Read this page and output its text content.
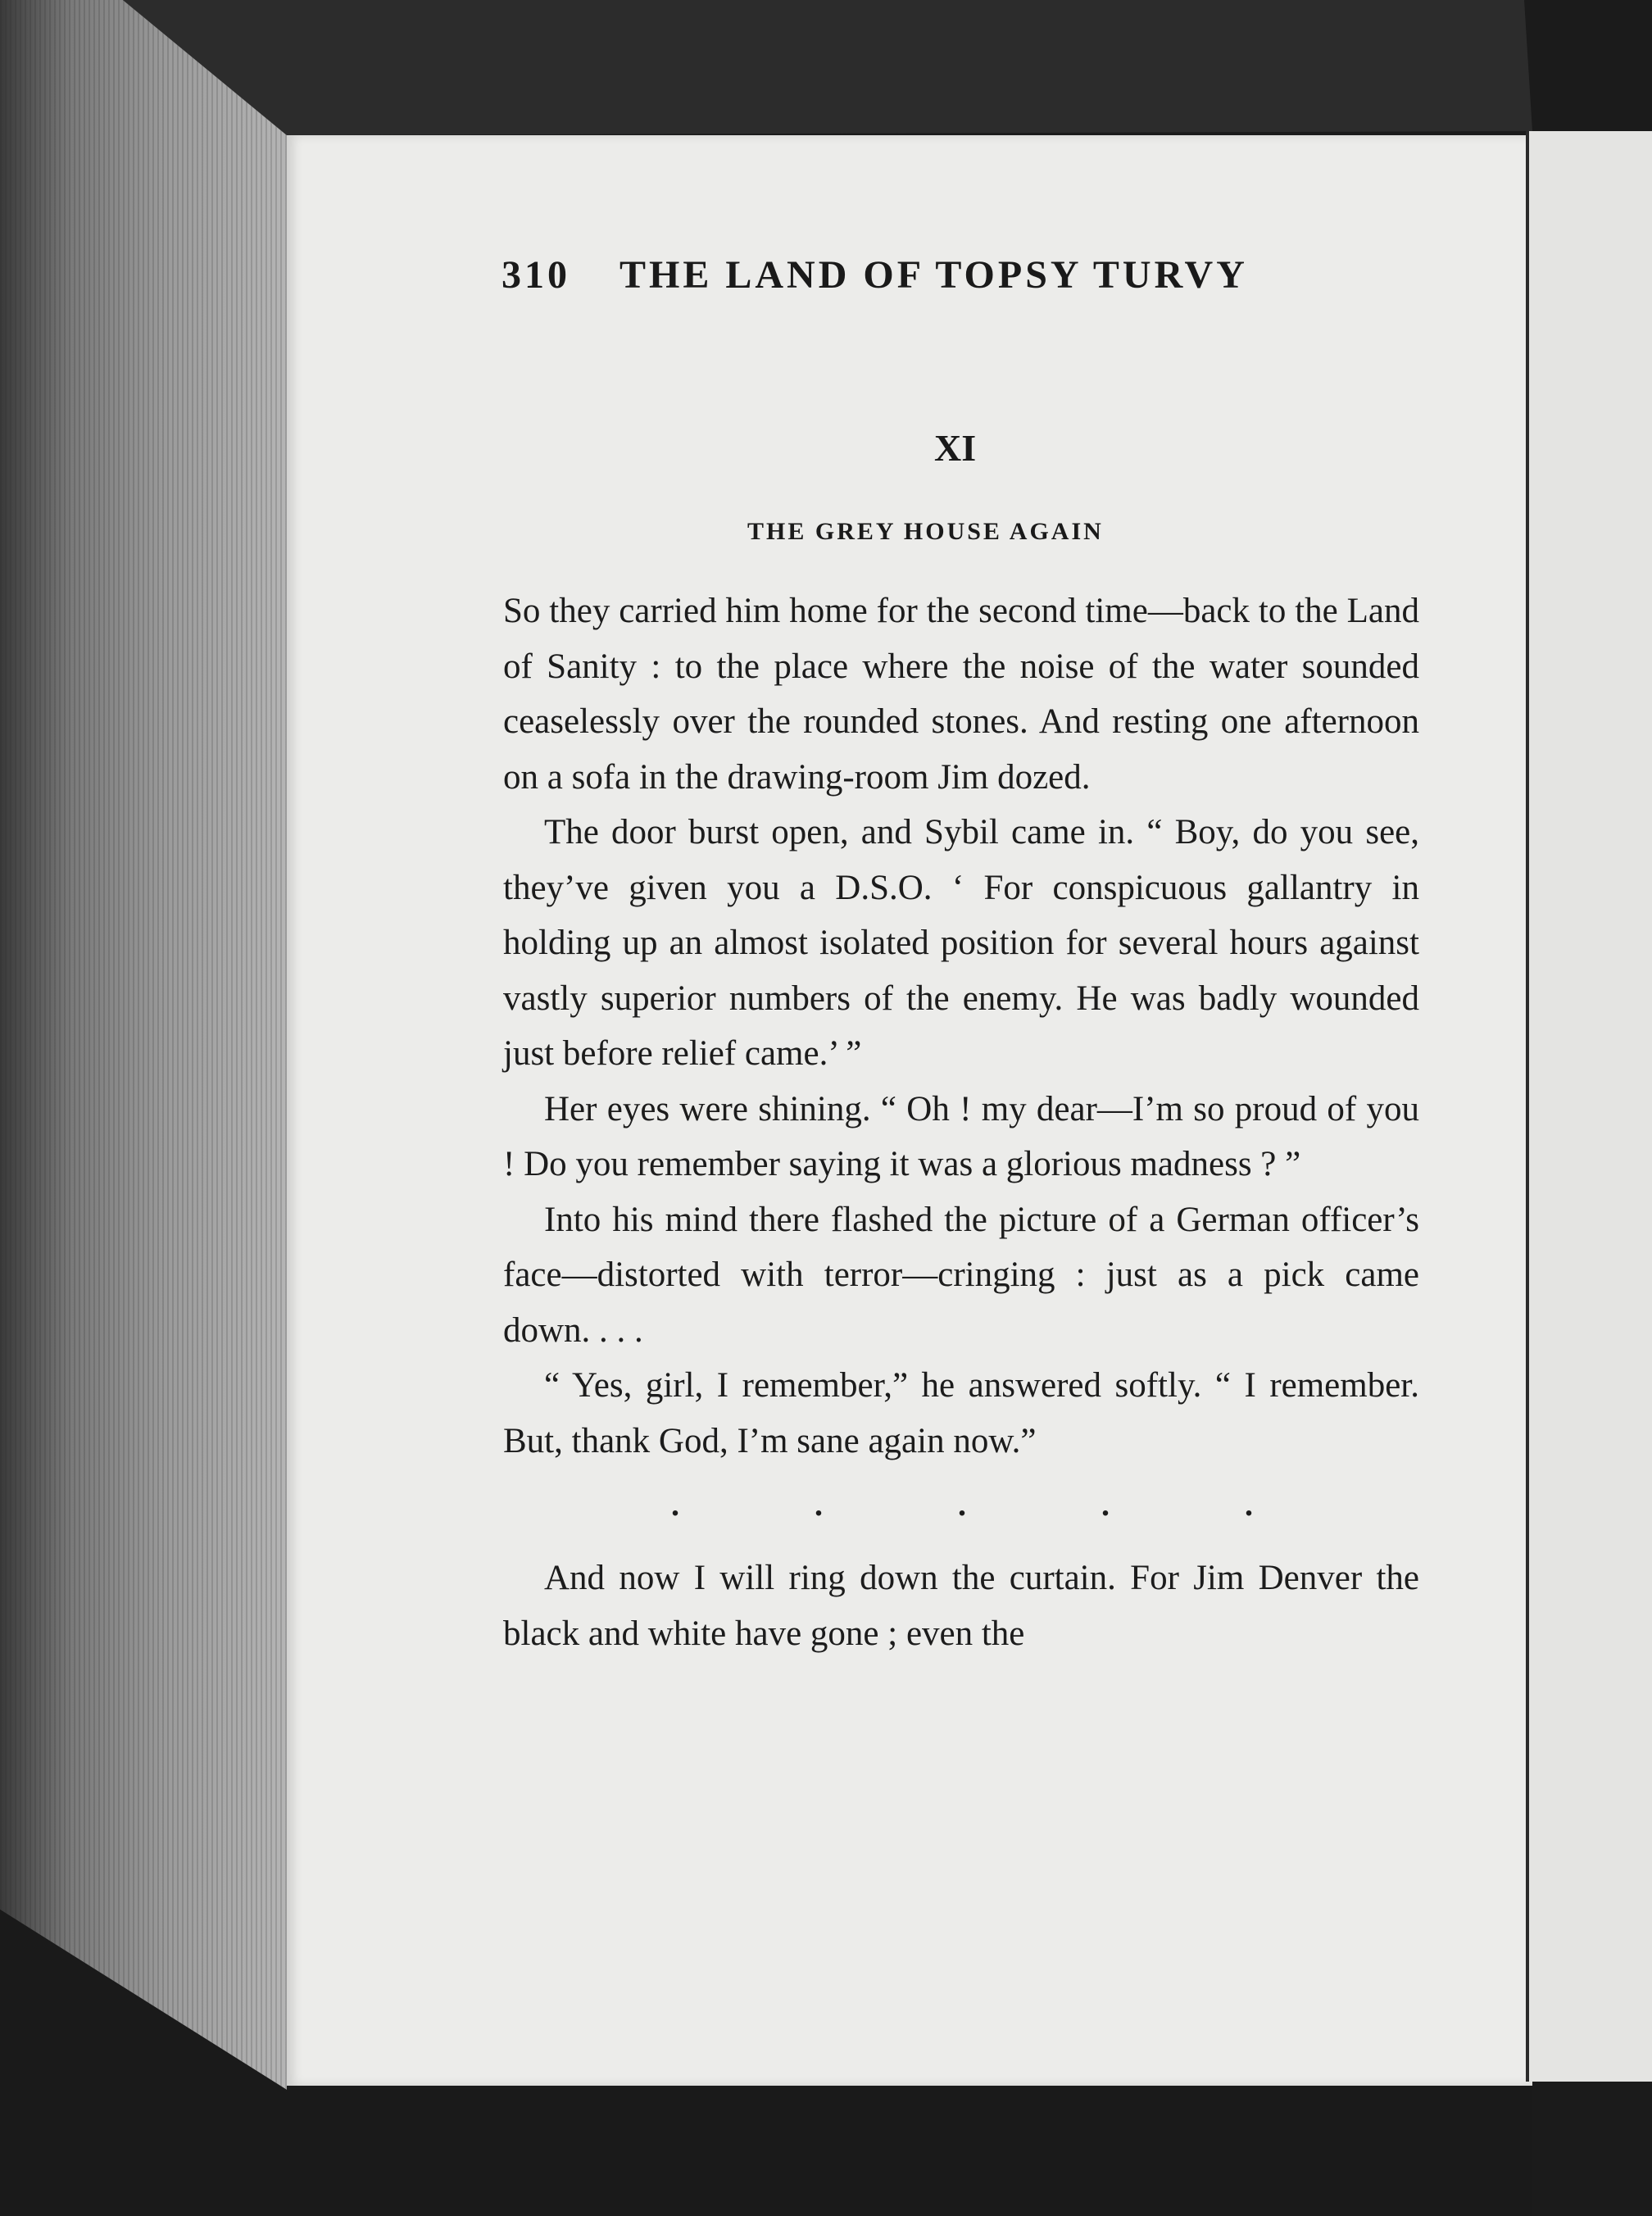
310 THE LAND OF TOPSY TURVY
XI
THE GREY HOUSE AGAIN

So they carried him home for the second time—back to the Land of Sanity : to the place where the noise of the water sounded ceaselessly over the rounded stones. And resting one afternoon on a sofa in the drawing-room Jim dozed.

The door burst open, and Sybil came in. “ Boy, do you see, they’ve given you a D.S.O. ‘ For conspicuous gallantry in holding up an almost isolated position for several hours against vastly superior numbers of the enemy. He was badly wounded just before relief came.’ ”

Her eyes were shining. “ Oh ! my dear—I’m so proud of you ! Do you remember saying it was a glorious madness ? ”

Into his mind there flashed the picture of a German officer’s face—distorted with terror—cringing : just as a pick came down. . . .

“ Yes, girl, I remember,” he answered softly. “ I remember. But, thank God, I’m sane again now.”

.	.	.	.	.

And now I will ring down the curtain. For Jim Denver the black and white have gone ; even the
